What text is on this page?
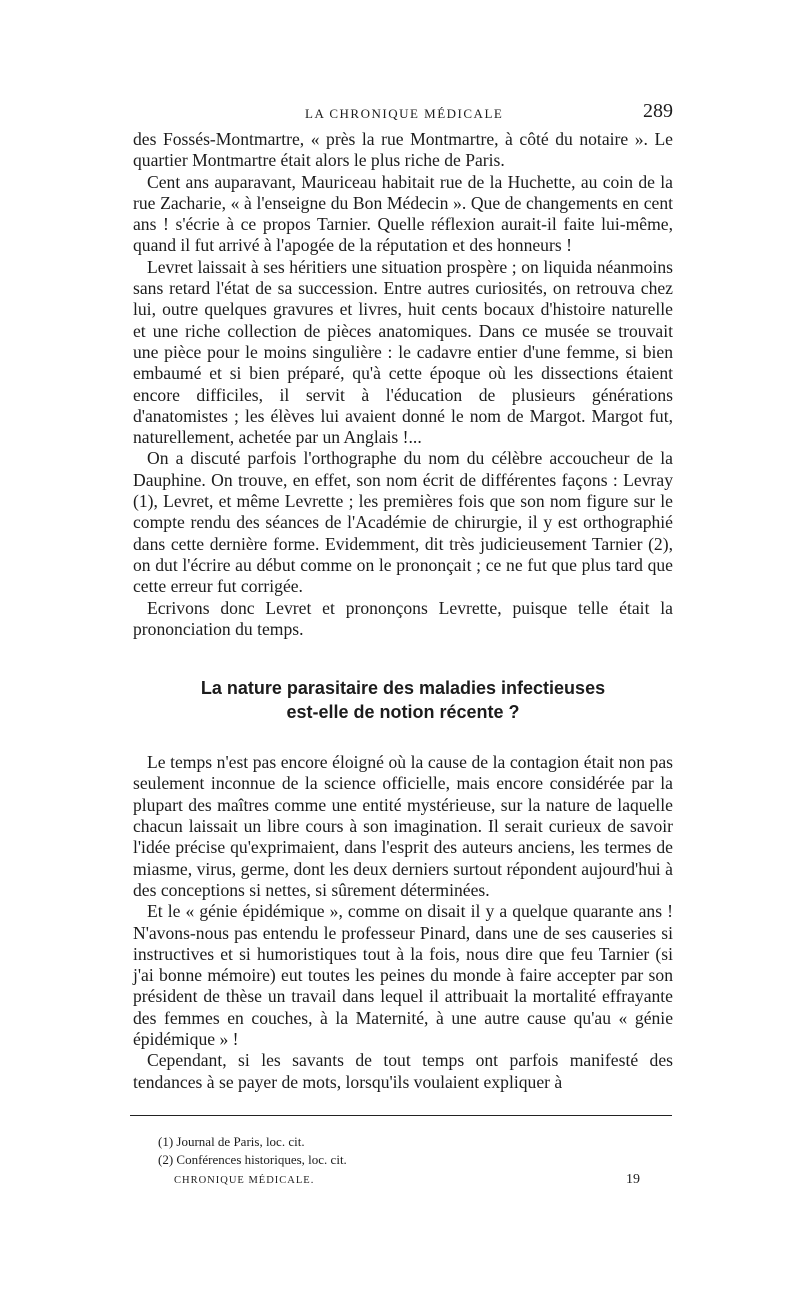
LA CHRONIQUE MÉDICALE	289

des Fossés-Montmartre, « près la rue Montmartre, à côté du notaire ». Le quartier Montmartre était alors le plus riche de Paris.

Cent ans auparavant, Mauriceau habitait rue de la Huchette, au coin de la rue Zacharie, « à l'enseigne du Bon Médecin ». Que de changements en cent ans ! s'écrie à ce propos Tarnier. Quelle réflexion aurait-il faite lui-même, quand il fut arrivé à l'apogée de la réputation et des honneurs !

Levret laissait à ses héritiers une situation prospère ; on liquida néanmoins sans retard l'état de sa succession. Entre autres curiosités, on retrouva chez lui, outre quelques gravures et livres, huit cents bocaux d'histoire naturelle et une riche collection de pièces anatomiques. Dans ce musée se trouvait une pièce pour le moins singulière : le cadavre entier d'une femme, si bien embaumé et si bien préparé, qu'à cette époque où les dissections étaient encore difficiles, il servit à l'éducation de plusieurs générations d'anatomistes ; les élèves lui avaient donné le nom de Margot. Margot fut, naturellement, achetée par un Anglais !...

On a discuté parfois l'orthographe du nom du célèbre accoucheur de la Dauphine. On trouve, en effet, son nom écrit de différentes façons : Levray (1), Levret, et même Levrette ; les premières fois que son nom figure sur le compte rendu des séances de l'Académie de chirurgie, il y est orthographié dans cette dernière forme. Evidemment, dit très judicieusement Tarnier (2), on dut l'écrire au début comme on le prononçait ; ce ne fut que plus tard que cette erreur fut corrigée.

Ecrivons donc Levret et prononçons Levrette, puisque telle était la prononciation du temps.

La nature parasitaire des maladies infectieuses
est-elle de notion récente ?

Le temps n'est pas encore éloigné où la cause de la contagion était non pas seulement inconnue de la science officielle, mais encore considérée par la plupart des maîtres comme une entité mystérieuse, sur la nature de laquelle chacun laissait un libre cours à son imagination. Il serait curieux de savoir l'idée précise qu'exprimaient, dans l'esprit des auteurs anciens, les termes de miasme, virus, germe, dont les deux derniers surtout répondent aujourd'hui à des conceptions si nettes, si sûrement déterminées.

Et le « génie épidémique », comme on disait il y a quelque quarante ans ! N'avons-nous pas entendu le professeur Pinard, dans une de ses causeries si instructives et si humoristiques tout à la fois, nous dire que feu Tarnier (si j'ai bonne mémoire) eut toutes les peines du monde à faire accepter par son président de thèse un travail dans lequel il attribuait la mortalité effrayante des femmes en couches, à la Maternité, à une autre cause qu'au « génie épidémique » !

Cependant, si les savants de tout temps ont parfois manifesté des tendances à se payer de mots, lorsqu'ils voulaient expliquer à

(1) Journal de Paris, loc. cit.
(2) Conférences historiques, loc. cit.
CHRONIQUE MÉDICALE.	19
